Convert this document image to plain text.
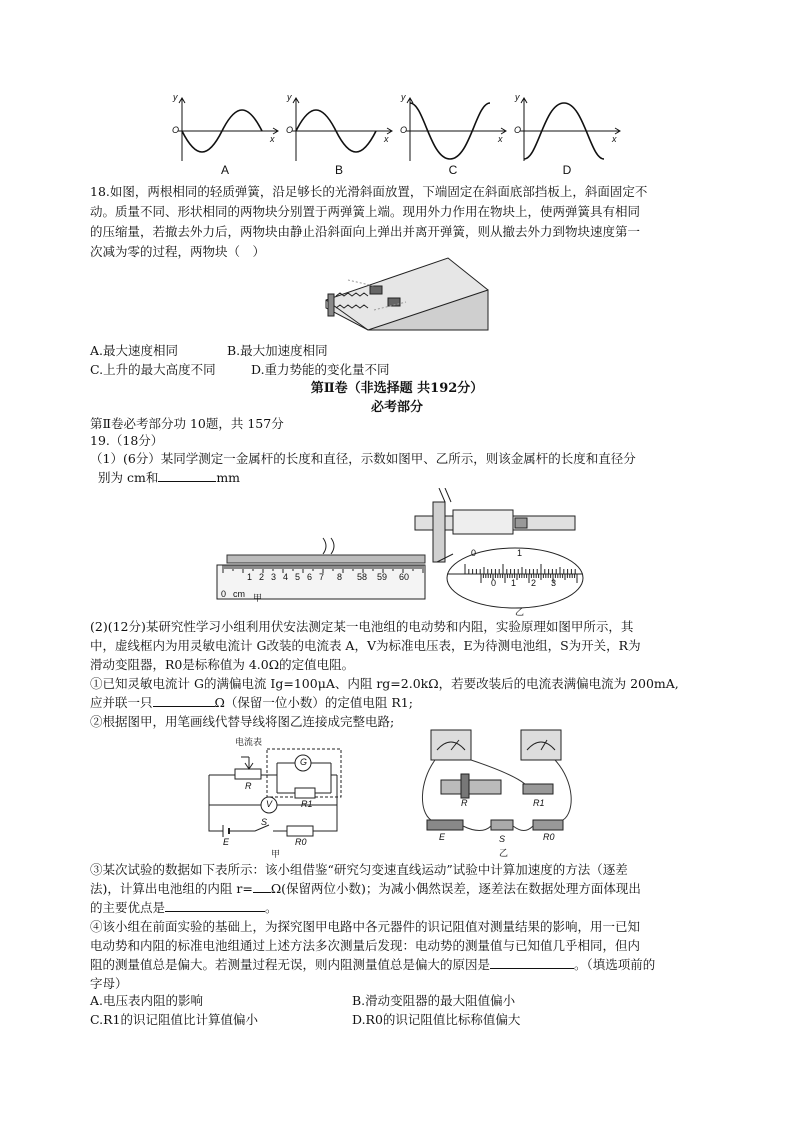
y
x
O
A
y
x
O
B
y
x
O
C
y
x
O
D
18.如图，两根相同的轻质弹簧，沿足够长的光滑斜面放置，下端固定在斜面底部挡板上，斜面固定不
动。质量不同、形状相同的两物块分别置于两弹簧上端。现用外力作用在物块上，使两弹簧具有相同
的压缩量，若撤去外力后，两物块由静止沿斜面向上弹出并离开弹簧，则从撤去外力到物块速度第一
次减为零的过程，两物块（　）
A.最大速度相同	B.最大加速度相同
C.上升的最大高度不同	D.重力势能的变化量不同
第Ⅱ卷（非选择题 共192分）
必考部分
第Ⅱ卷必考部分功 10题，共 157分
19.（18分）
（1）(6分）某同学测定一金属杆的长度和直径，示数如图甲、乙所示，则该金属杆的长度和直径分
别为 cm和	mm
甲
乙
0 cm
1 2 3 4 5 6 7 8 58 59 60
0	1
0 1 2 3
(2)(12分)某研究性学习小组利用伏安法测定某一电池组的电动势和内阻，实验原理如图甲所示，其
中，虚线框内为用灵敏电流计 G改装的电流表 A，V为标准电压表，E为待测电池组，S为开关，R为
滑动变阻器，R0是标称值为 4.0Ω的定值电阻。
①已知灵敏电流计 G的满偏电流 Ig=100μA、内阻 rg=2.0kΩ，若要改装后的电流表满偏电流为 200mA,
应并联一只	Ω（保留一位小数）的定值电阻 R1;
②根据图甲，用笔画线代替导线将图乙连接成完整电路;
电流表
R
G
R1
V
E
S
R0
甲
R	R1
E	S	R0
乙
③某次试验的数据如下表所示：该小组借鉴“研究匀变速直线运动”试验中计算加速度的方法（逐差
法)，计算出电池组的内阻 r= Ω(保留两位小数)；为减小偶然误差，逐差法在数据处理方面体现出
的主要优点是	。
④该小组在前面实验的基础上，为探究图甲电路中各元器件的识记阻值对测量结果的影响，用一已知
电动势和内阻的标准电池组通过上述方法多次测量后发现：电动势的测量值与已知值几乎相同，但内
阻的测量值总是偏大。若测量过程无误，则内阻测量值总是偏大的原因是	。（填选项前的
字母）
A.电压表内阻的影响	B.滑动变阻器的最大阻值偏小
C.R1的识记阻值比计算值偏小	D.R0的识记阻值比标称值偏大
